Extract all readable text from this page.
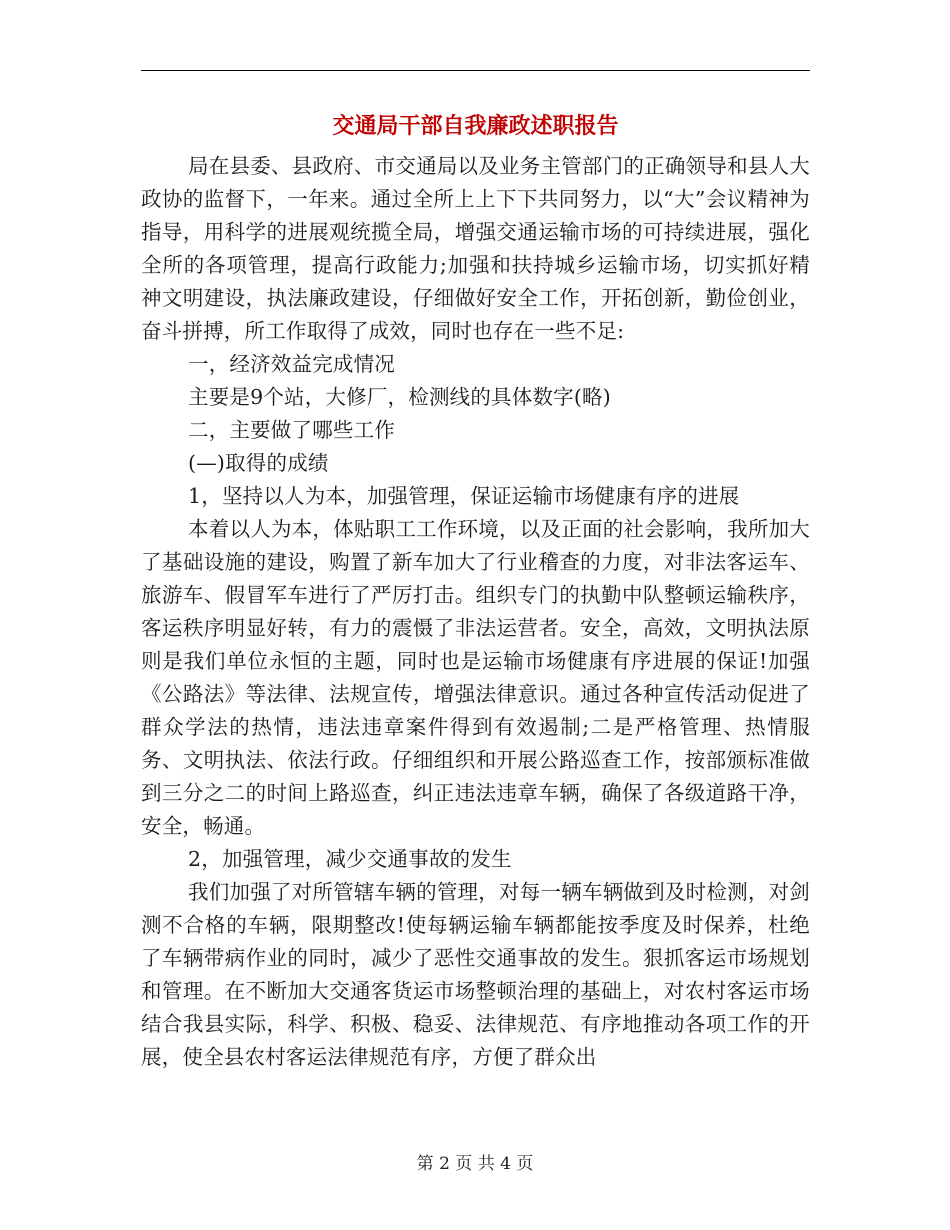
交通局干部自我廉政述职报告

局在县委、县政府、市交通局以及业务主管部门的正确领导和县人大政协的监督下，一年来。通过全所上上下下共同努力，以“大”会议精神为指导，用科学的进展观统揽全局，增强交通运输市场的可持续进展，强化全所的各项管理，提高行政能力;加强和扶持城乡运输市场，切实抓好精神文明建设，执法廉政建设，仔细做好安全工作，开拓创新，勤俭创业，奋斗拼搏，所工作取得了成效，同时也存在一些不足:

一，经济效益完成情况

主要是9个站，大修厂，检测线的具体数字(略)

二，主要做了哪些工作

(—)取得的成绩

1，坚持以人为本，加强管理，保证运输市场健康有序的进展

本着以人为本，体贴职工工作环境，以及正面的社会影响，我所加大了基础设施的建设，购置了新车加大了行业稽查的力度，对非法客运车、旅游车、假冒军车进行了严厉打击。组织专门的执勤中队整顿运输秩序，客运秩序明显好转，有力的震慑了非法运营者。安全，高效，文明执法原则是我们单位永恒的主题，同时也是运输市场健康有序进展的保证!加强《公路法》等法律、法规宣传，增强法律意识。通过各种宣传活动促进了群众学法的热情，违法违章案件得到有效遏制;二是严格管理、热情服务、文明执法、依法行政。仔细组织和开展公路巡查工作，按部颁标准做到三分之二的时间上路巡查，纠正违法违章车辆，确保了各级道路干净，安全，畅通。

2，加强管理，减少交通事故的发生

我们加强了对所管辖车辆的管理，对每一辆车辆做到及时检测，对剑测不合格的车辆，限期整改!使每辆运输车辆都能按季度及时保养，杜绝了车辆带病作业的同时，减少了恶性交通事故的发生。狠抓客运市场规划和管理。在不断加大交通客货运市场整顿治理的基础上，对农村客运市场结合我县实际，科学、积极、稳妥、法律规范、有序地推动各项工作的开展，使全县农村客运法律规范有序，方便了群众出

第 2 页 共 4 页
